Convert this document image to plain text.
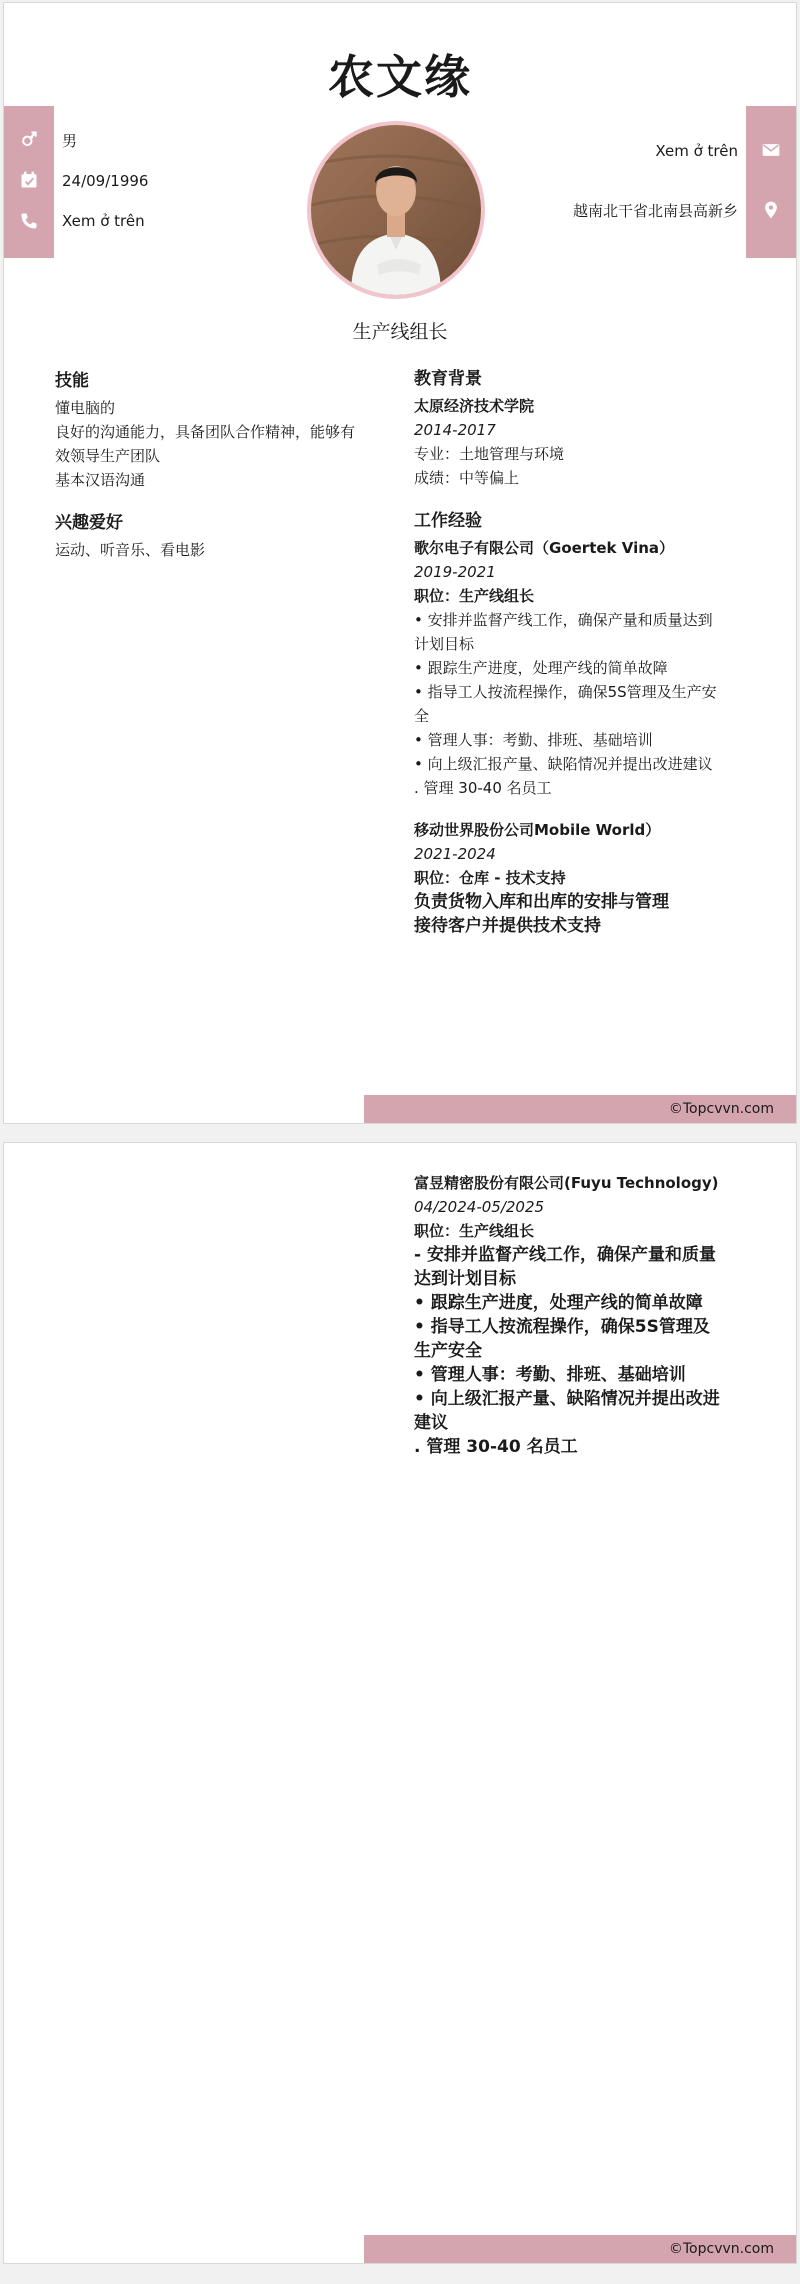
农文缘
男
24/09/1996
Xem ở trên
Xem ở trên
越南北干省北南县高新乡
生产线组长
技能
懂电脑的
良好的沟通能力，具备团队合作精神，能够有效领导生产团队
基本汉语沟通
兴趣爱好
运动、听音乐、看电影
教育背景
太原经济技术学院
2014-2017
专业：土地管理与环境
成绩：中等偏上
工作经验
歌尔电子有限公司（Goertek Vina）
2019-2021
职位：生产线组长
• 安排并监督产线工作，确保产量和质量达到计划目标
• 跟踪生产进度，处理产线的简单故障
• 指导工人按流程操作，确保5S管理及生产安全
• 管理人事：考勤、排班、基础培训
• 向上级汇报产量、缺陷情况并提出改进建议
. 管理 30-40 名员工
移动世界股份公司Mobile World）
2021-2024
职位：仓库 - 技术支持
负责货物入库和出库的安排与管理
接待客户并提供技术支持
©Topcvvn.com
富昱精密股份有限公司(Fuyu Technology)
04/2024-05/2025
职位：生产线组长
- 安排并监督产线工作，确保产量和质量达到计划目标
• 跟踪生产进度，处理产线的简单故障
• 指导工人按流程操作，确保5S管理及生产安全
• 管理人事：考勤、排班、基础培训
• 向上级汇报产量、缺陷情况并提出改进建议
. 管理 30-40 名员工
©Topcvvn.com
